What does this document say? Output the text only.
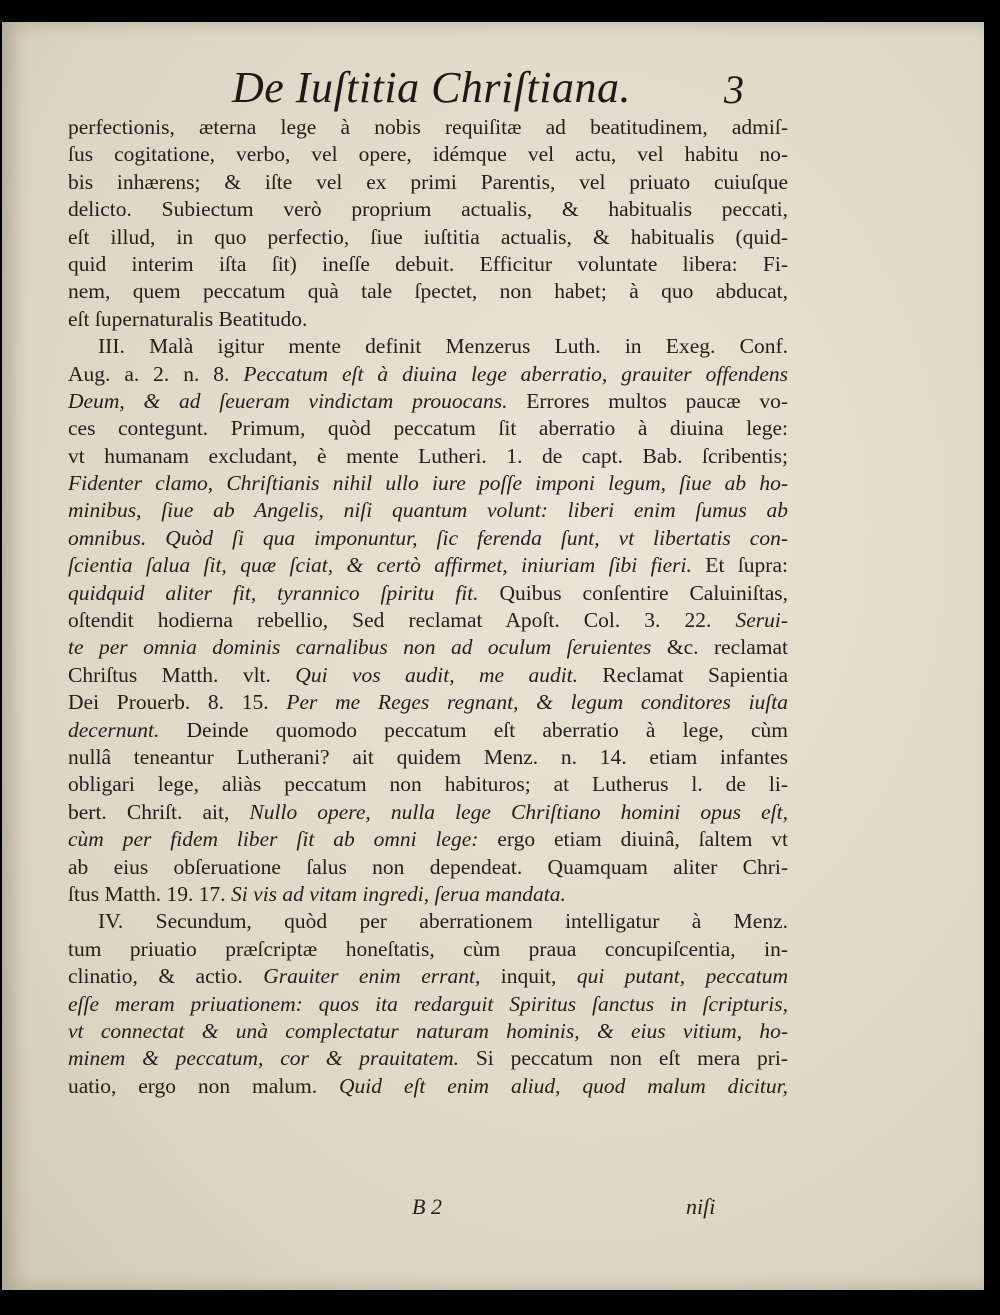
De Iuſtitia Chriſtiana. 3
perfectionis, æterna lege à nobis requiſitæ ad beatitudinem, admiſ-
ſus cogitatione, verbo, vel opere, idémque vel actu, vel habitu no-
bis inhærens; & iſte vel ex primi Parentis, vel priuato cuiuſque
delicto. Subiectum verò proprium actualis, & habitualis peccati,
eſt illud, in quo perfectio, ſiue iuſtitia actualis, & habitualis (quid-
quid interim iſta ſit) ineſſe debuit. Efficitur voluntate libera: Fi-
nem, quem peccatum quà tale ſpectet, non habet; à quo abducat,
eſt ſupernaturalis Beatitudo.
III. Malà igitur mente definit Menzerus Luth. in Exeg. Conf.
Aug. a. 2. n. 8. Peccatum eſt à diuina lege aberratio, grauiter offendens
Deum, & ad ſeueram vindictam prouocans. Errores multos paucæ vo-
ces contegunt. Primum, quòd peccatum ſit aberratio à diuina lege:
vt humanam excludant, è mente Lutheri. 1. de capt. Bab. ſcribentis;
Fidenter clamo, Chriſtianis nihil ullo iure poſſe imponi legum, ſiue ab ho-
minibus, ſiue ab Angelis, niſi quantum volunt: liberi enim ſumus ab
omnibus. Quòd ſi qua imponuntur, ſic ferenda ſunt, vt libertatis con-
ſcientia ſalua ſit, quæ ſciat, & certò affirmet, iniuriam ſibi fieri. Et ſupra:
quidquid aliter fit, tyrannico ſpiritu fit. Quibus conſentire Caluiniſtas,
oſtendit hodierna rebellio, Sed reclamat Apoſt. Col. 3. 22. Serui-
te per omnia dominis carnalibus non ad oculum ſeruientes &c. reclamat
Chriſtus Matth. vlt. Qui vos audit, me audit. Reclamat Sapientia
Dei Prouerb. 8. 15. Per me Reges regnant, & legum conditores iuſta
decernunt. Deinde quomodo peccatum eſt aberratio à lege, cùm
nullâ teneantur Lutherani? ait quidem Menz. n. 14. etiam infantes
obligari lege, aliàs peccatum non habituros; at Lutherus l. de li-
bert. Chriſt. ait, Nullo opere, nulla lege Chriſtiano homini opus eſt,
cùm per fidem liber ſit ab omni lege: ergo etiam diuinâ, ſaltem vt
ab eius obſeruatione ſalus non dependeat. Quamquam aliter Chri-
ſtus Matth. 19. 17. Si vis ad vitam ingredi, ſerua mandata.
IV. Secundum, quòd per aberrationem intelligatur à Menz.
tum priuatio præſcriptæ honeſtatis, cùm praua concupiſcentia, in-
clinatio, & actio. Grauiter enim errant, inquit, qui putant, peccatum
eſſe meram priuationem: quos ita redarguit Spiritus ſanctus in ſcripturis,
vt connectat & unà complectatur naturam hominis, & eius vitium, ho-
minem & peccatum, cor & prauitatem. Si peccatum non eſt mera pri-
uatio, ergo non malum. Quid eſt enim aliud, quod malum dicitur,
B 2	niſi
